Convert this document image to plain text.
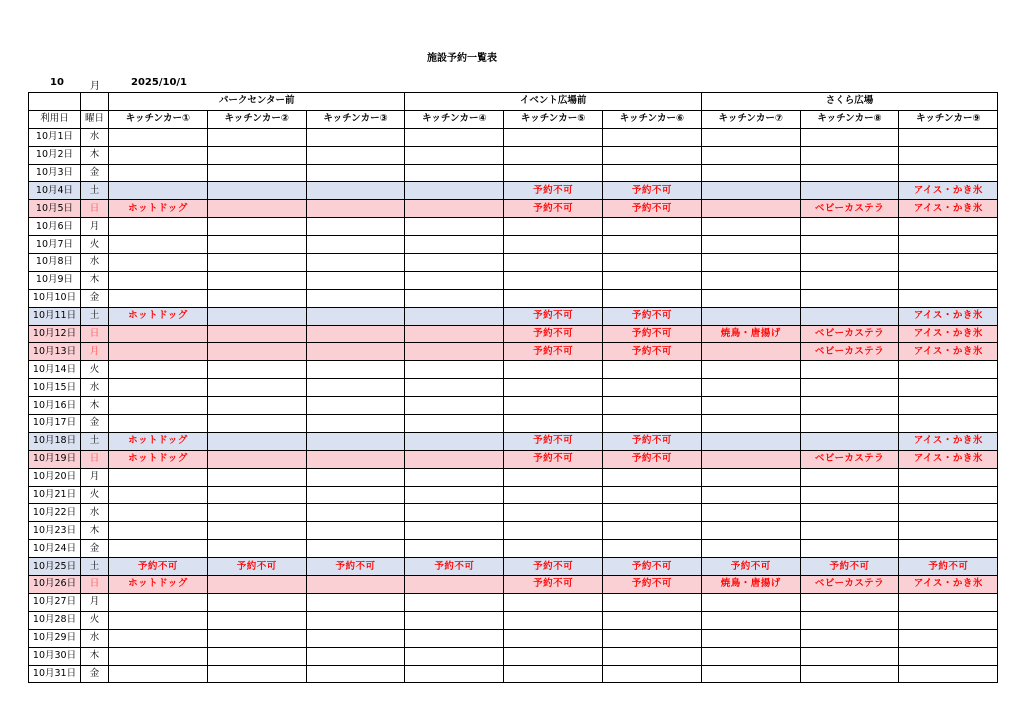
施設予約一覧表
10	月	2025/10/1
		パークセンター前			イベント広場前			さくら広場		
利用日	曜日	キッチンカー①	キッチンカー②	キッチンカー③	キッチンカー④	キッチンカー⑤	キッチンカー⑥	キッチンカー⑦	キッチンカー⑧	キッチンカー⑨
10月1日	水									
10月2日	木									
10月3日	金									
10月4日	土					予約不可	予約不可			アイス・かき氷
10月5日	日	ホットドッグ				予約不可	予約不可		ベビーカステラ	アイス・かき氷
10月6日	月									
10月7日	火									
10月8日	水									
10月9日	木									
10月10日	金									
10月11日	土	ホットドッグ				予約不可	予約不可			アイス・かき氷
10月12日	日					予約不可	予約不可	焼鳥・唐揚げ	ベビーカステラ	アイス・かき氷
10月13日	月					予約不可	予約不可		ベビーカステラ	アイス・かき氷
10月14日	火									
10月15日	水									
10月16日	木									
10月17日	金									
10月18日	土	ホットドッグ				予約不可	予約不可			アイス・かき氷
10月19日	日	ホットドッグ				予約不可	予約不可		ベビーカステラ	アイス・かき氷
10月20日	月									
10月21日	火									
10月22日	水									
10月23日	木									
10月24日	金									
10月25日	土	予約不可	予約不可	予約不可	予約不可	予約不可	予約不可	予約不可	予約不可	予約不可
10月26日	日	ホットドッグ				予約不可	予約不可	焼鳥・唐揚げ	ベビーカステラ	アイス・かき氷
10月27日	月									
10月28日	火									
10月29日	水									
10月30日	木									
10月31日	金									
